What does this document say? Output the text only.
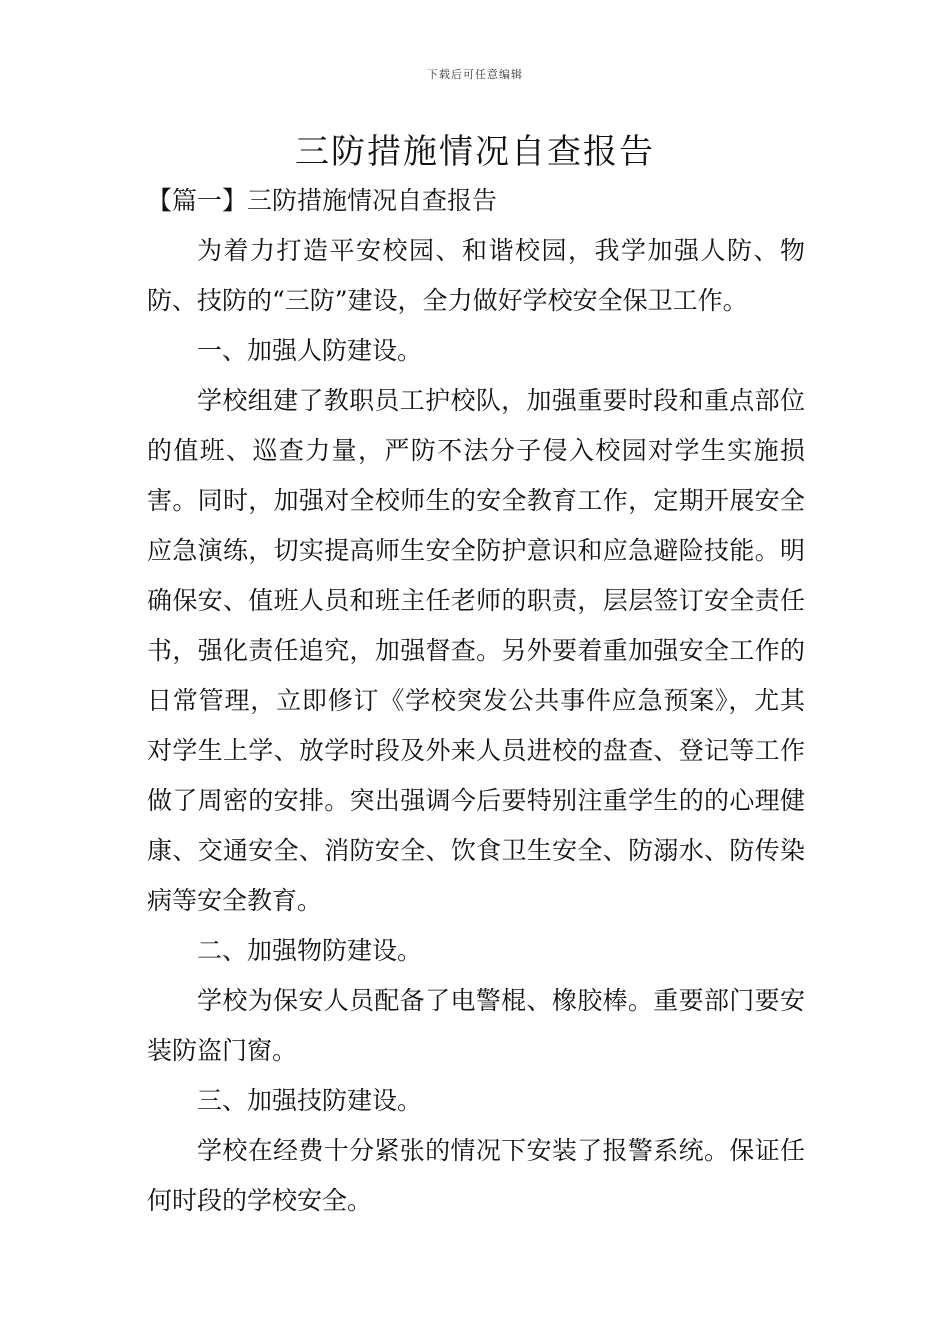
下载后可任意编辑
三防措施情况自查报告
【篇一】三防措施情况自查报告

为着力打造平安校园、和谐校园，我学加强人防、物防、技防的“三防”建设，全力做好学校安全保卫工作。

一、加强人防建设。

学校组建了教职员工护校队，加强重要时段和重点部位的值班、巡查力量，严防不法分子侵入校园对学生实施损害。同时，加强对全校师生的安全教育工作，定期开展安全应急演练，切实提高师生安全防护意识和应急避险技能。明确保安、值班人员和班主任老师的职责，层层签订安全责任书，强化责任追究，加强督查。另外要着重加强安全工作的日常管理，立即修订《学校突发公共事件应急预案》，尤其对学生上学、放学时段及外来人员进校的盘查、登记等工作做了周密的安排。突出强调今后要特别注重学生的的心理健康、交通安全、消防安全、饮食卫生安全、防溺水、防传染病等安全教育。

二、加强物防建设。

学校为保安人员配备了电警棍、橡胶棒。重要部门要安装防盗门窗。

三、加强技防建设。

学校在经费十分紧张的情况下安装了报警系统。保证任何时段的学校安全。
